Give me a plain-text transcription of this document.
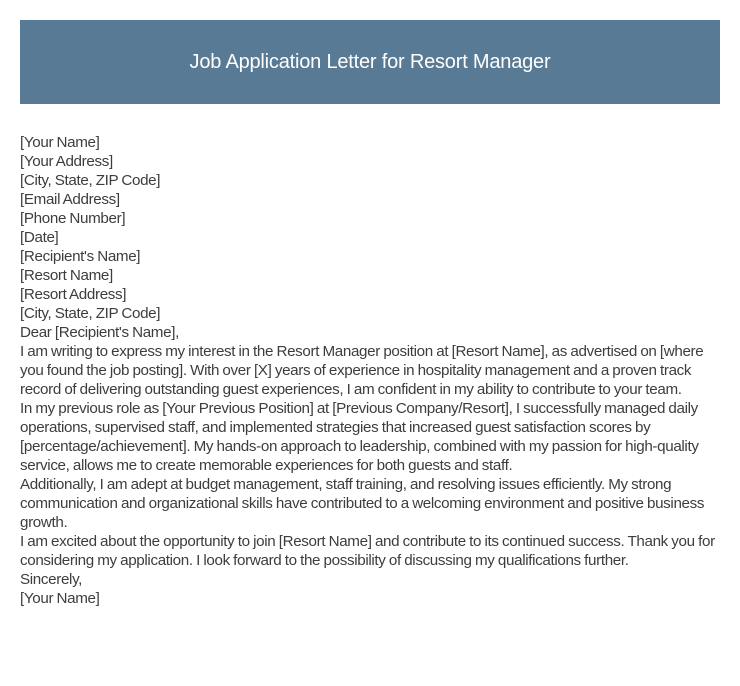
Job Application Letter for Resort Manager

[Your Name]

[Your Address]

[City, State, ZIP Code]

[Email Address]

[Phone Number]

[Date]

[Recipient's Name]

[Resort Name]

[Resort Address]

[City, State, ZIP Code]

Dear [Recipient's Name],

I am writing to express my interest in the Resort Manager position at [Resort Name], as advertised on [where you found the job posting]. With over [X] years of experience in hospitality management and a proven track record of delivering outstanding guest experiences, I am confident in my ability to contribute to your team.

In my previous role as [Your Previous Position] at [Previous Company/Resort], I successfully managed daily operations, supervised staff, and implemented strategies that increased guest satisfaction scores by [percentage/achievement]. My hands-on approach to leadership, combined with my passion for high-quality service, allows me to create memorable experiences for both guests and staff.

Additionally, I am adept at budget management, staff training, and resolving issues efficiently. My strong communication and organizational skills have contributed to a welcoming environment and positive business growth.

I am excited about the opportunity to join [Resort Name] and contribute to its continued success. Thank you for considering my application. I look forward to the possibility of discussing my qualifications further.

Sincerely,

[Your Name]
